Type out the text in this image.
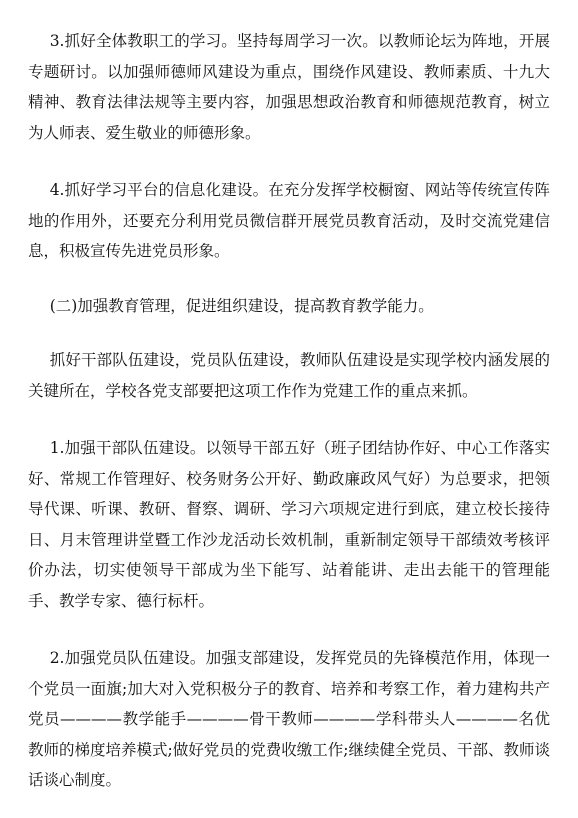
3.抓好全体教职工的学习。坚持每周学习一次。以教师论坛为阵地，开展专题研讨。以加强师德师风建设为重点，围绕作风建设、教师素质、十九大精神、教育法律法规等主要内容，加强思想政治教育和师德规范教育，树立为人师表、爱生敬业的师德形象。

4.抓好学习平台的信息化建设。在充分发挥学校橱窗、网站等传统宣传阵地的作用外，还要充分利用党员微信群开展党员教育活动，及时交流党建信息，积极宣传先进党员形象。

(二)加强教育管理，促进组织建设，提高教育教学能力。

抓好干部队伍建设，党员队伍建设，教师队伍建设是实现学校内涵发展的关键所在，学校各党支部要把这项工作作为党建工作的重点来抓。

1.加强干部队伍建设。以领导干部五好（班子团结协作好、中心工作落实好、常规工作管理好、校务财务公开好、勤政廉政风气好）为总要求，把领导代课、听课、教研、督察、调研、学习六项规定进行到底，建立校长接待日、月末管理讲堂暨工作沙龙活动长效机制，重新制定领导干部绩效考核评价办法，切实使领导干部成为坐下能写、站着能讲、走出去能干的管理能手、教学专家、德行标杆。

2.加强党员队伍建设。加强支部建设，发挥党员的先锋模范作用，体现一个党员一面旗;加大对入党积极分子的教育、培养和考察工作，着力建构共产党员————教学能手————骨干教师————学科带头人————名优教师的梯度培养模式;做好党员的党费收缴工作;继续健全党员、干部、教师谈话谈心制度。
